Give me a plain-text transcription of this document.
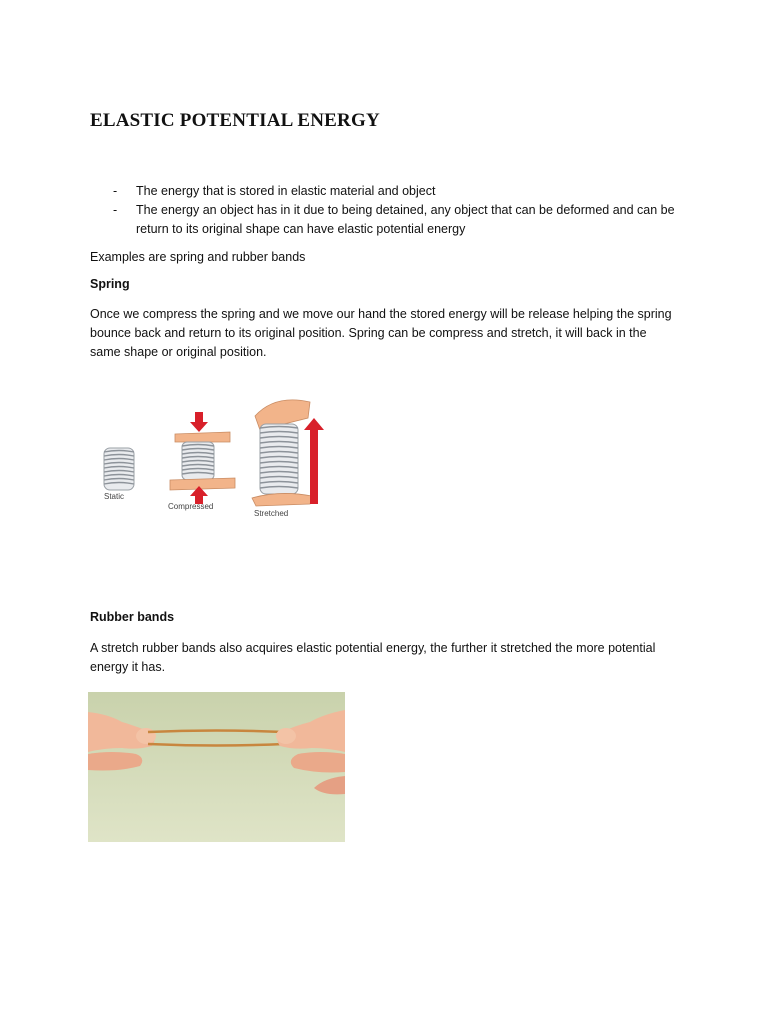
ELASTIC POTENTIAL ENERGY
- The energy that is stored in elastic material and object
- The energy an object has in it due to being detained, any object that can be deformed and can be return to its original shape can have elastic potential energy

Examples are spring and rubber bands

Spring

Once we compress the spring and we move our hand the stored energy will be release helping the spring bounce back and return to its original position. Spring can be compress and stretch, it will back in the same shape or original position.

Static
Compressed
Stretched

Rubber bands

A stretch rubber bands also acquires elastic potential energy, the further it stretched the more potential energy it has.
